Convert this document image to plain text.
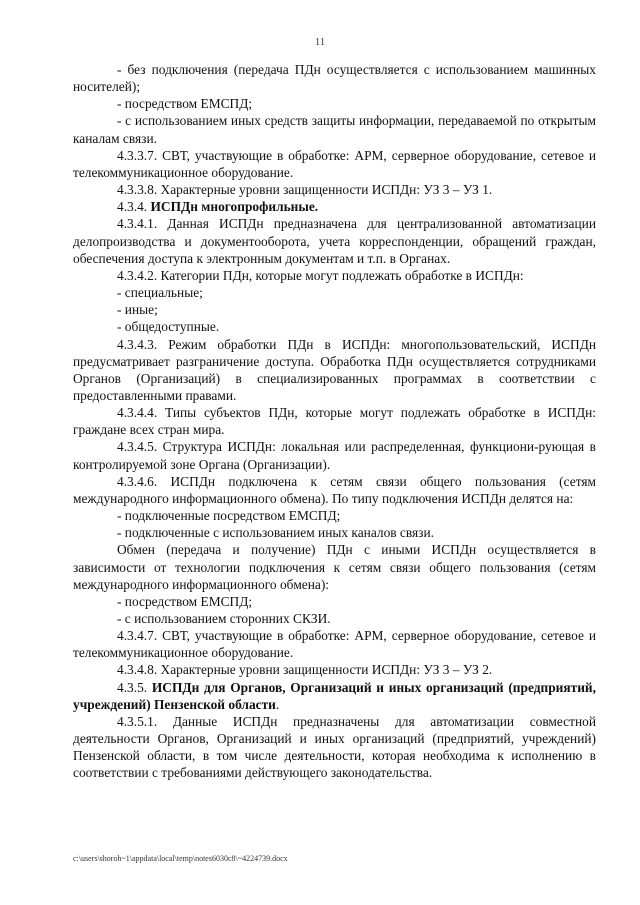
11

- без подключения (передача ПДн осуществляется с использованием машинных носителей);

- посредством ЕМСПД;

- с использованием иных средств защиты информации, передаваемой по открытым каналам связи.

4.3.3.7. СВТ, участвующие в обработке: АРМ, серверное оборудование, сетевое и телекоммуникационное оборудование.

4.3.3.8. Характерные уровни защищенности ИСПДн: УЗ 3 – УЗ 1.

4.3.4. ИСПДн многопрофильные.

4.3.4.1. Данная ИСПДн предназначена для централизованной автоматизации делопроизводства и документооборота, учета корреспонденции, обращений граждан, обеспечения доступа к электронным документам и т.п. в Органах.

4.3.4.2. Категории ПДн, которые могут подлежать обработке в ИСПДн:

- специальные;

- иные;

- общедоступные.

4.3.4.3. Режим обработки ПДн в ИСПДн: многопользовательский, ИСПДн предусматривает разграничение доступа. Обработка ПДн осуществляется сотрудниками Органов (Организаций) в специализированных программах в соответствии с предоставленными правами.

4.3.4.4. Типы субъектов ПДн, которые могут подлежать обработке в ИСПДн: граждане всех стран мира.

4.3.4.5. Структура ИСПДн: локальная или распределенная, функциони-рующая в контролируемой зоне Органа (Организации).

4.3.4.6. ИСПДн подключена к сетям связи общего пользования (сетям международного информационного обмена). По типу подключения ИСПДн делятся на:

- подключенные посредством ЕМСПД;

- подключенные с использованием иных каналов связи.

Обмен (передача и получение) ПДн с иными ИСПДн осуществляется в зависимости от технологии подключения к сетям связи общего пользования (сетям международного информационного обмена):

- посредством ЕМСПД;

- с использованием сторонних СКЗИ.

4.3.4.7. СВТ, участвующие в обработке: АРМ, серверное оборудование, сетевое и телекоммуникационное оборудование.

4.3.4.8. Характерные уровни защищенности ИСПДн: УЗ 3 – УЗ 2.

4.3.5. ИСПДн для Органов, Организаций и иных организаций (предприятий, учреждений) Пензенской области.

4.3.5.1. Данные ИСПДн предназначены для автоматизации совместной деятельности Органов, Организаций и иных организаций (предприятий, учреждений) Пензенской области, в том числе деятельности, которая необходима к исполнению в соответствии с требованиями действующего законодательства.

c:\users\shoroh~1\appdata\local\temp\notes6030c8\~4224739.docx
